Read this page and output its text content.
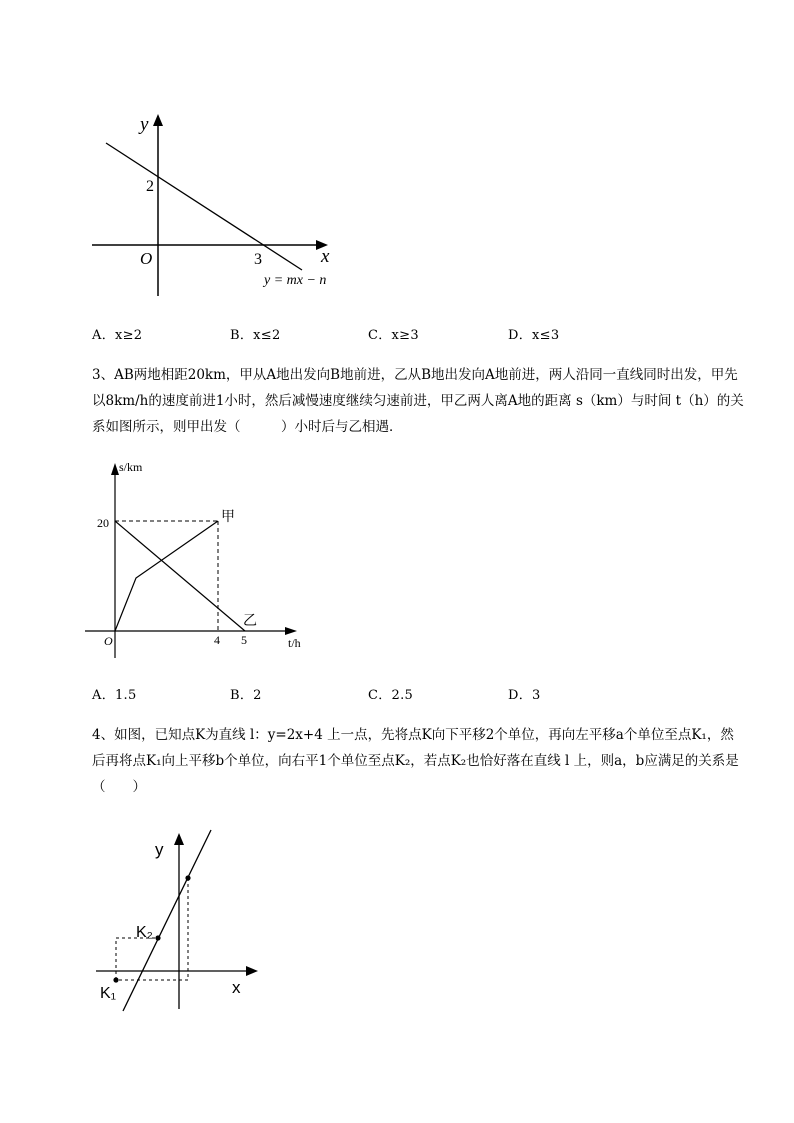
y
x
O
2
3
y = mx − n
A．x≥2	B．x≤2	C．x≥3	D．x≤3
3、AB两地相距20km，甲从A地出发向B地前进，乙从B地出发向A地前进，两人沿同一直线同时出发，甲先以8km/h的速度前进1小时，然后减慢速度继续匀速前进，甲乙两人离A地的距离 s（km）与时间 t（h）的关系如图所示，则甲出发（　　　）小时后与乙相遇．
s/km
t/h
O
20
4 5
甲
乙
A．1.5	B．2	C．2.5	D．3
4、如图，已知点K为直线 l：y=2x+4 上一点，先将点K向下平移2个单位，再向左平移a个单位至点K₁，然后再将点K₁向上平移b个单位，向右平1个单位至点K₂，若点K₂也恰好落在直线 l 上，则a，b应满足的关系是（　　）
y
x
K₂
K₁
